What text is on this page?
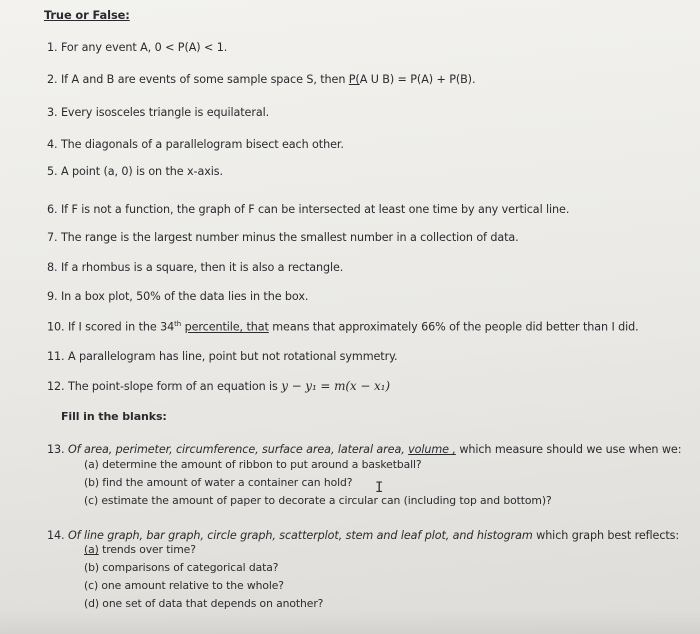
True or False:
1. For any event A, 0 < P(A) < 1.
2. If A and B are events of some sample space S, then P(A U B) = P(A) + P(B).
3. Every isosceles triangle is equilateral.
4. The diagonals of a parallelogram bisect each other.
5. A point (a, 0) is on the x-axis.
6. If F is not a function, the graph of F can be intersected at least one time by any vertical line.
7. The range is the largest number minus the smallest number in a collection of data.
8. If a rhombus is a square, then it is also a rectangle.
9. In a box plot, 50% of the data lies in the box.
10. If I scored in the 34th percentile, that means that approximately 66% of the people did better than I did.
11. A parallelogram has line, point but not rotational symmetry.
12. The point-slope form of an equation is y − y₁ = m(x − x₁)
Fill in the blanks:
13. Of area, perimeter, circumference, surface area, lateral area, volume , which measure should we use when we:
(a) determine the amount of ribbon to put around a basketball?
(b) find the amount of water a container can hold?
(c) estimate the amount of paper to decorate a circular can (including top and bottom)?
I
14. Of line graph, bar graph, circle graph, scatterplot, stem and leaf plot, and histogram which graph best reflects:
(a) trends over time?
(b) comparisons of categorical data?
(c) one amount relative to the whole?
(d) one set of data that depends on another?
